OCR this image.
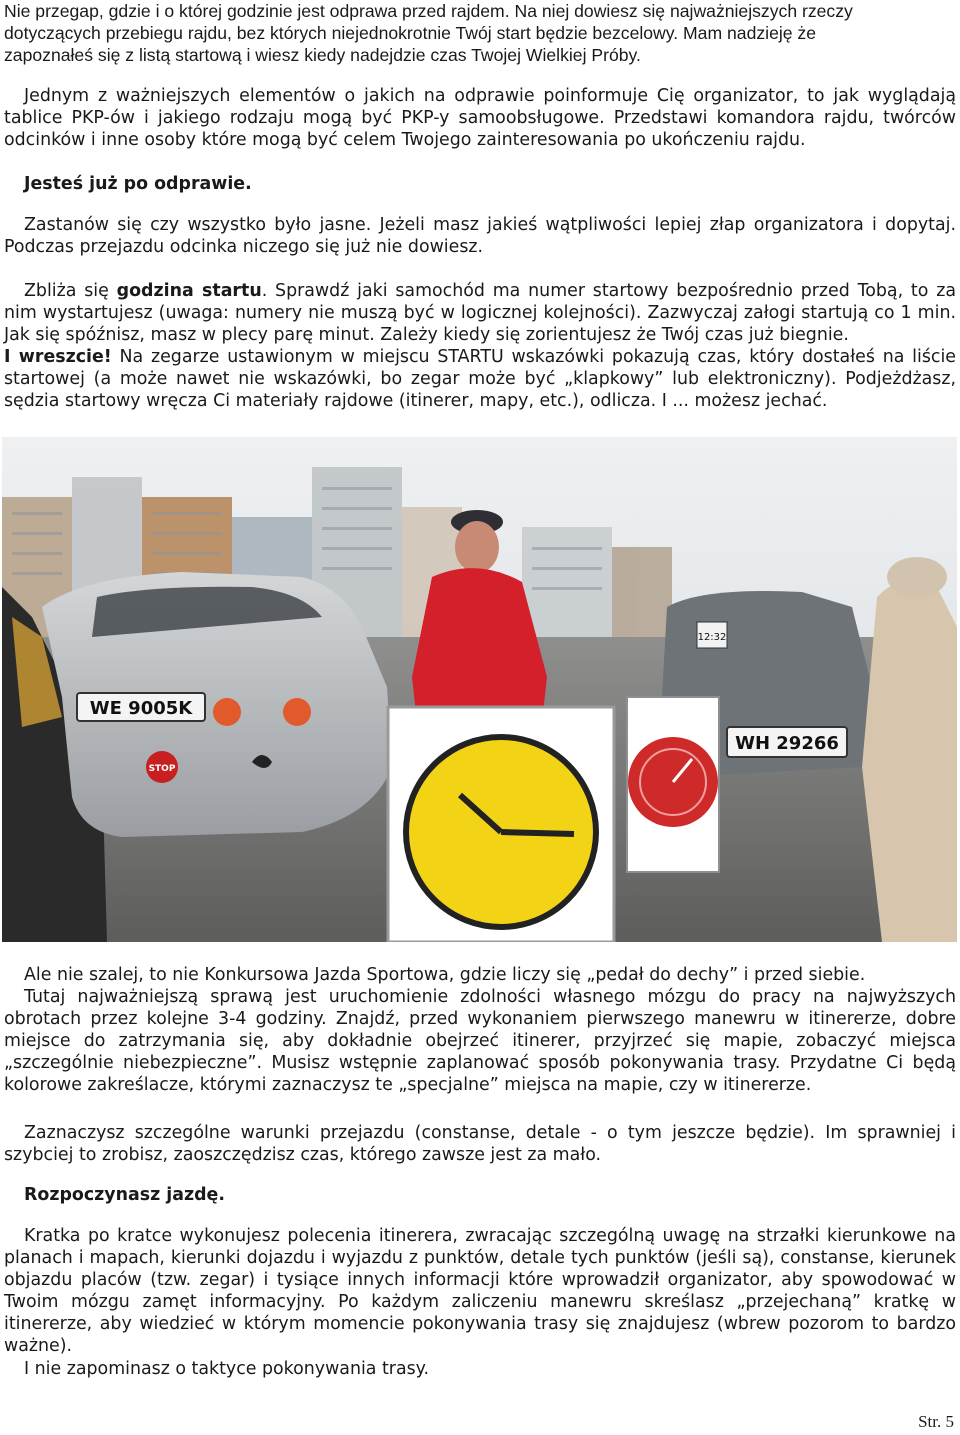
Nie przegap, gdzie i o której godzinie jest odprawa przed rajdem. Na niej dowiesz się najważniejszych rzeczy

dotyczących przebiegu rajdu, bez których niejednokrotnie Twój start będzie bezcelowy. Mam nadzieję że

zapoznałeś się z listą startową i wiesz kiedy nadejdzie czas Twojej Wielkiej Próby.

Jednym z ważniejszych elementów o jakich na odprawie poinformuje Cię organizator, to jak wyglądają tablice PKP-ów i jakiego rodzaju mogą być PKP-y samoobsługowe. Przedstawi komandora rajdu, twórców odcinków i inne osoby które mogą być celem Twojego zainteresowania po ukończeniu rajdu.

Jesteś już po odprawie.

Zastanów się czy wszystko było jasne. Jeżeli masz jakieś wątpliwości lepiej złap organizatora i dopytaj. Podczas przejazdu odcinka niczego się już nie dowiesz.

Zbliża się godzina startu. Sprawdź jaki samochód ma numer startowy bezpośrednio przed Tobą, to za nim wystartujesz (uwaga: numery nie muszą być w logicznej kolejności). Zazwyczaj załogi startują co 1 min. Jak się spóźnisz, masz w plecy parę minut. Zależy kiedy się zorientujesz że Twój czas już biegnie.
I wreszcie! Na zegarze ustawionym w miejscu STARTU wskazówki pokazują czas, który dostałeś na liście startowej (a może nawet nie wskazówki, bo zegar może być „klapkowy” lub elektroniczny). Podjeżdżasz, sędzia startowy wręcza Ci materiały rajdowe (itinerer, mapy, etc.), odlicza. I ... możesz jechać.

WE 9005K
STOP
12:32
WH 29266

Ale nie szalej, to nie Konkursowa Jazda Sportowa, gdzie liczy się „pedał do dechy” i przed siebie.

Tutaj najważniejszą sprawą jest uruchomienie zdolności własnego mózgu do pracy na najwyższych obrotach przez kolejne 3-4 godziny. Znajdź, przed wykonaniem pierwszego manewru w itinererze, dobre miejsce do zatrzymania się, aby dokładnie obejrzeć itinerer, przyjrzeć się mapie, zobaczyć miejsca „szczególnie niebezpieczne”. Musisz wstępnie zaplanować sposób pokonywania trasy. Przydatne Ci będą kolorowe zakreślacze, którymi zaznaczysz te „specjalne” miejsca na mapie, czy w itinererze.

Zaznaczysz szczególne warunki przejazdu (constanse, detale - o tym jeszcze będzie). Im sprawniej i szybciej to zrobisz, zaoszczędzisz czas, którego zawsze jest za mało.

Rozpoczynasz jazdę.

Kratka po kratce wykonujesz polecenia itinerera, zwracając szczególną uwagę na strzałki kierunkowe na planach i mapach, kierunki dojazdu i wyjazdu z punktów, detale tych punktów (jeśli są), constanse, kierunek objazdu placów (tzw. zegar) i tysiące innych informacji które wprowadził organizator, aby spowodować w Twoim mózgu zamęt informacyjny. Po każdym zaliczeniu manewru skreślasz „przejechaną” kratkę w itinererze, aby wiedzieć w którym momencie pokonywania trasy się znajdujesz (wbrew pozorom to bardzo ważne).

I nie zapominasz o taktyce pokonywania trasy.

Str. 5
